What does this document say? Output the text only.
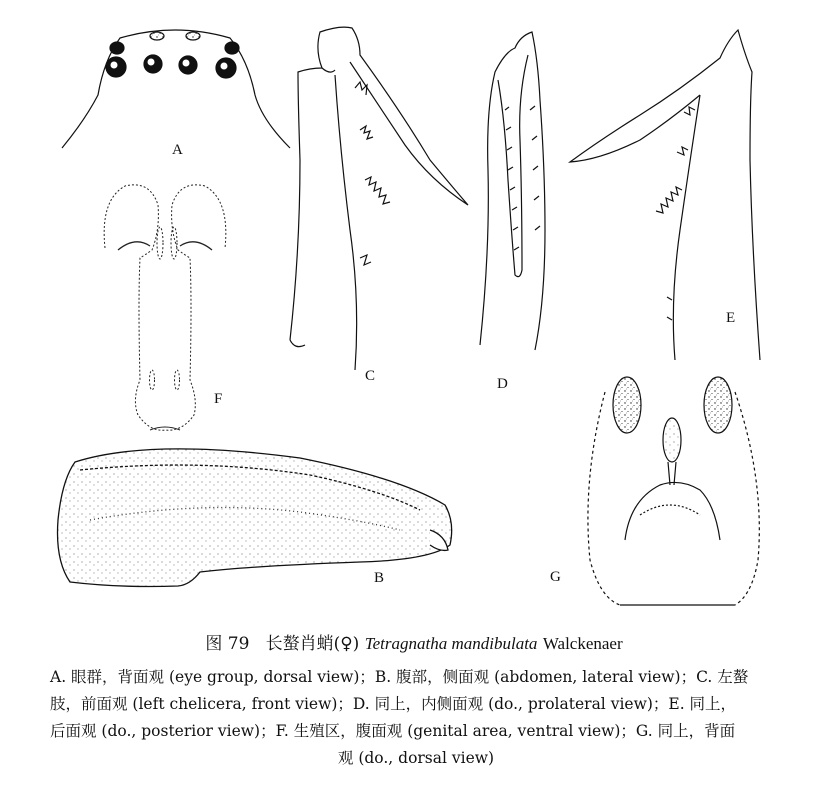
A
F
B
C	D
E
G
图 79 长螯肖蛸(♀) Tetragnatha mandibulata Walckenaer
A. 眼群，背面观 (eye group, dorsal view)；B. 腹部，侧面观 (abdomen, lateral view)；C. 左螯
肢，前面观 (left chelicera, front view)；D. 同上，内侧面观 (do., prolateral view)；E. 同上，
后面观 (do., posterior view)；F. 生殖区，腹面观 (genital area, ventral view)；G. 同上，背面
观 (do., dorsal view)
